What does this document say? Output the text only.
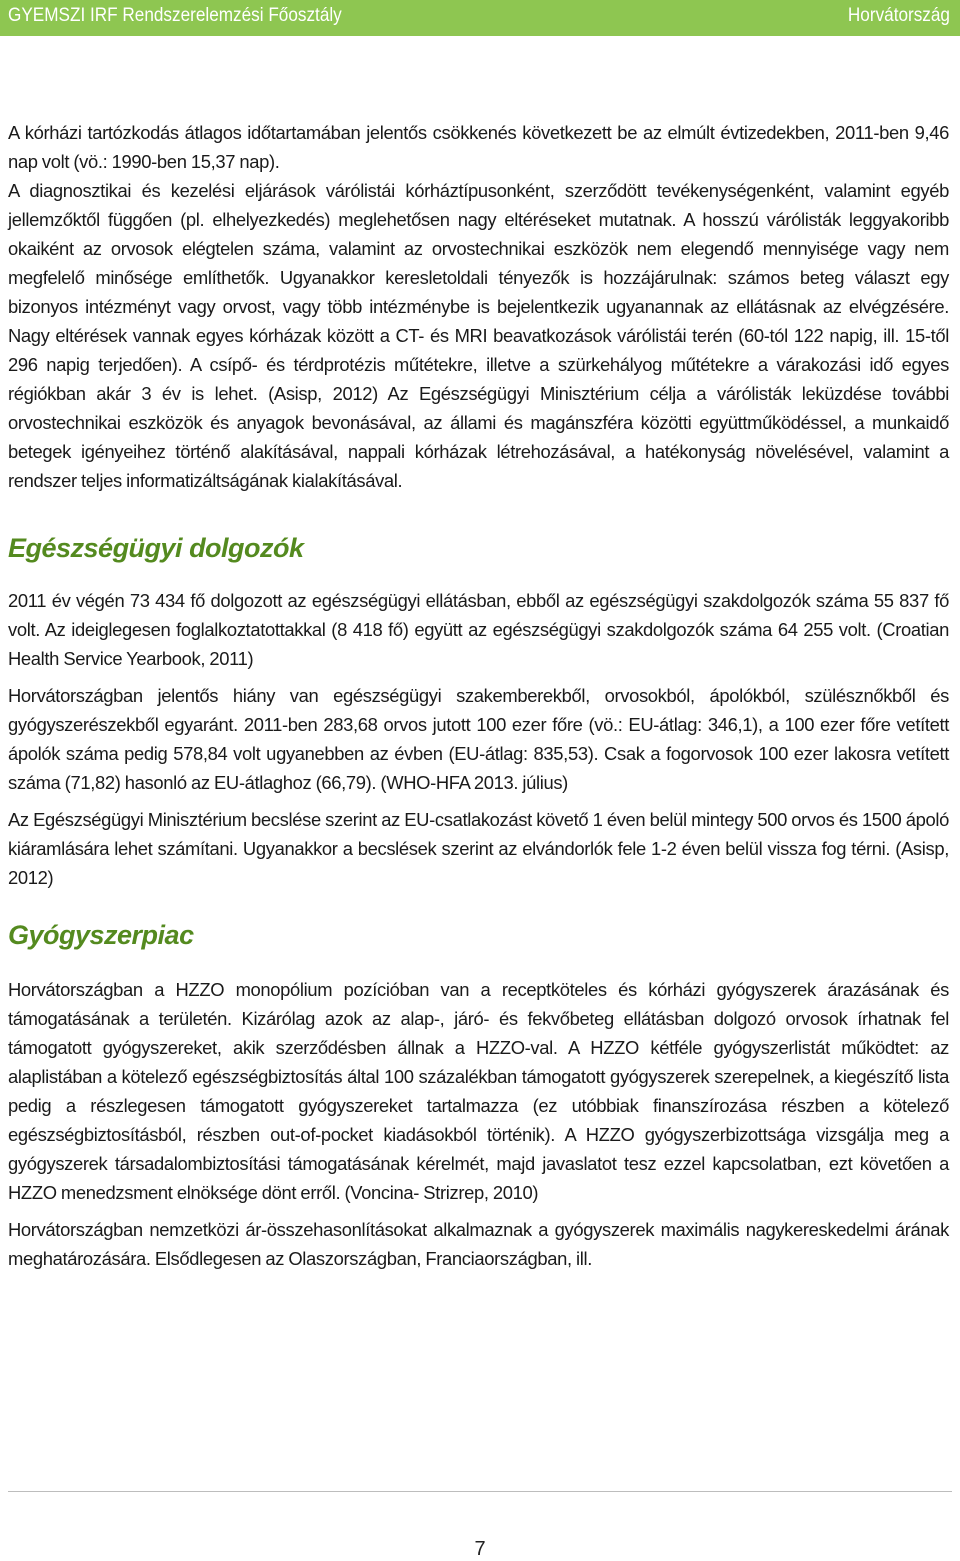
GYEMSZI IRF Rendszerelemzési Főosztály	Horvátország

A kórházi tartózkodás átlagos időtartamában jelentős csökkenés következett be az elmúlt évtizedekben, 2011-ben 9,46 nap volt (vö.: 1990-ben 15,37 nap).

A diagnosztikai és kezelési eljárások várólistái kórháztípusonként, szerződött tevékenységenként, valamint egyéb jellemzőktől függően (pl. elhelyezkedés) meglehetősen nagy eltéréseket mutatnak. A hosszú várólisták leggyakoribb okaiként az orvosok elégtelen száma, valamint az orvostechnikai eszközök nem elegendő mennyisége vagy nem megfelelő minősége említhetők. Ugyanakkor keresletoldali tényezők is hozzájárulnak: számos beteg választ egy bizonyos intézményt vagy orvost, vagy több intézménybe is bejelentkezik ugyanannak az ellátásnak az elvégzésére. Nagy eltérések vannak egyes kórházak között a CT- és MRI beavatkozások várólistái terén (60-tól 122 napig, ill. 15-től 296 napig terjedően). A csípő- és térdprotézis műtétekre, illetve a szürkehályog műtétekre a várakozási idő egyes régiókban akár 3 év is lehet. (Asisp, 2012) Az Egészségügyi Minisztérium célja a várólisták leküzdése további orvostechnikai eszközök és anyagok bevonásával, az állami és magánszféra közötti együttműködéssel, a munkaidő betegek igényeihez történő alakításával, nappali kórházak létrehozásával, a hatékonyság növelésével, valamint a rendszer teljes informatizáltságának kialakításával.

Egészségügyi dolgozók

2011 év végén 73 434 fő dolgozott az egészségügyi ellátásban, ebből az egészségügyi szakdolgozók száma 55 837 fő volt. Az ideiglegesen foglalkoztatottakkal (8 418 fő) együtt az egészségügyi szakdolgozók száma 64 255 volt. (Croatian Health Service Yearbook, 2011)

Horvátországban jelentős hiány van egészségügyi szakemberekből, orvosokból, ápolókból, szülésznőkből és gyógyszerészekből egyaránt. 2011-ben 283,68 orvos jutott 100 ezer főre (vö.: EU-átlag: 346,1), a 100 ezer főre vetített ápolók száma pedig 578,84 volt ugyanebben az évben (EU-átlag: 835,53). Csak a fogorvosok 100 ezer lakosra vetített száma (71,82) hasonló az EU-átlaghoz (66,79). (WHO-HFA 2013. július)

Az Egészségügyi Minisztérium becslése szerint az EU-csatlakozást követő 1 éven belül mintegy 500 orvos és 1500 ápoló kiáramlására lehet számítani. Ugyanakkor a becslések szerint az elvándorlók fele 1-2 éven belül vissza fog térni. (Asisp, 2012)

Gyógyszerpiac

Horvátországban a HZZO monopólium pozícióban van a receptköteles és kórházi gyógyszerek árazásának és támogatásának a területén. Kizárólag azok az alap-, járó- és fekvőbeteg ellátásban dolgozó orvosok írhatnak fel támogatott gyógyszereket, akik szerződésben állnak a HZZO-val. A HZZO kétféle gyógyszerlistát működtet: az alaplistában a kötelező egészségbiztosítás által 100 százalékban támogatott gyógyszerek szerepelnek, a kiegészítő lista pedig a részlegesen támogatott gyógyszereket tartalmazza (ez utóbbiak finanszírozása részben a kötelező egészségbiztosításból, részben out-of-pocket kiadásokból történik). A HZZO gyógyszerbizottsága vizsgálja meg a gyógyszerek társadalombiztosítási támogatásának kérelmét, majd javaslatot tesz ezzel kapcsolatban, ezt követően a HZZO menedzsment elnöksége dönt erről. (Voncina- Strizrep, 2010)

Horvátországban nemzetközi ár-összehasonlításokat alkalmaznak a gyógyszerek maximális nagykereskedelmi árának meghatározására. Elsődlegesen az Olaszországban, Franciaországban, ill.

7
